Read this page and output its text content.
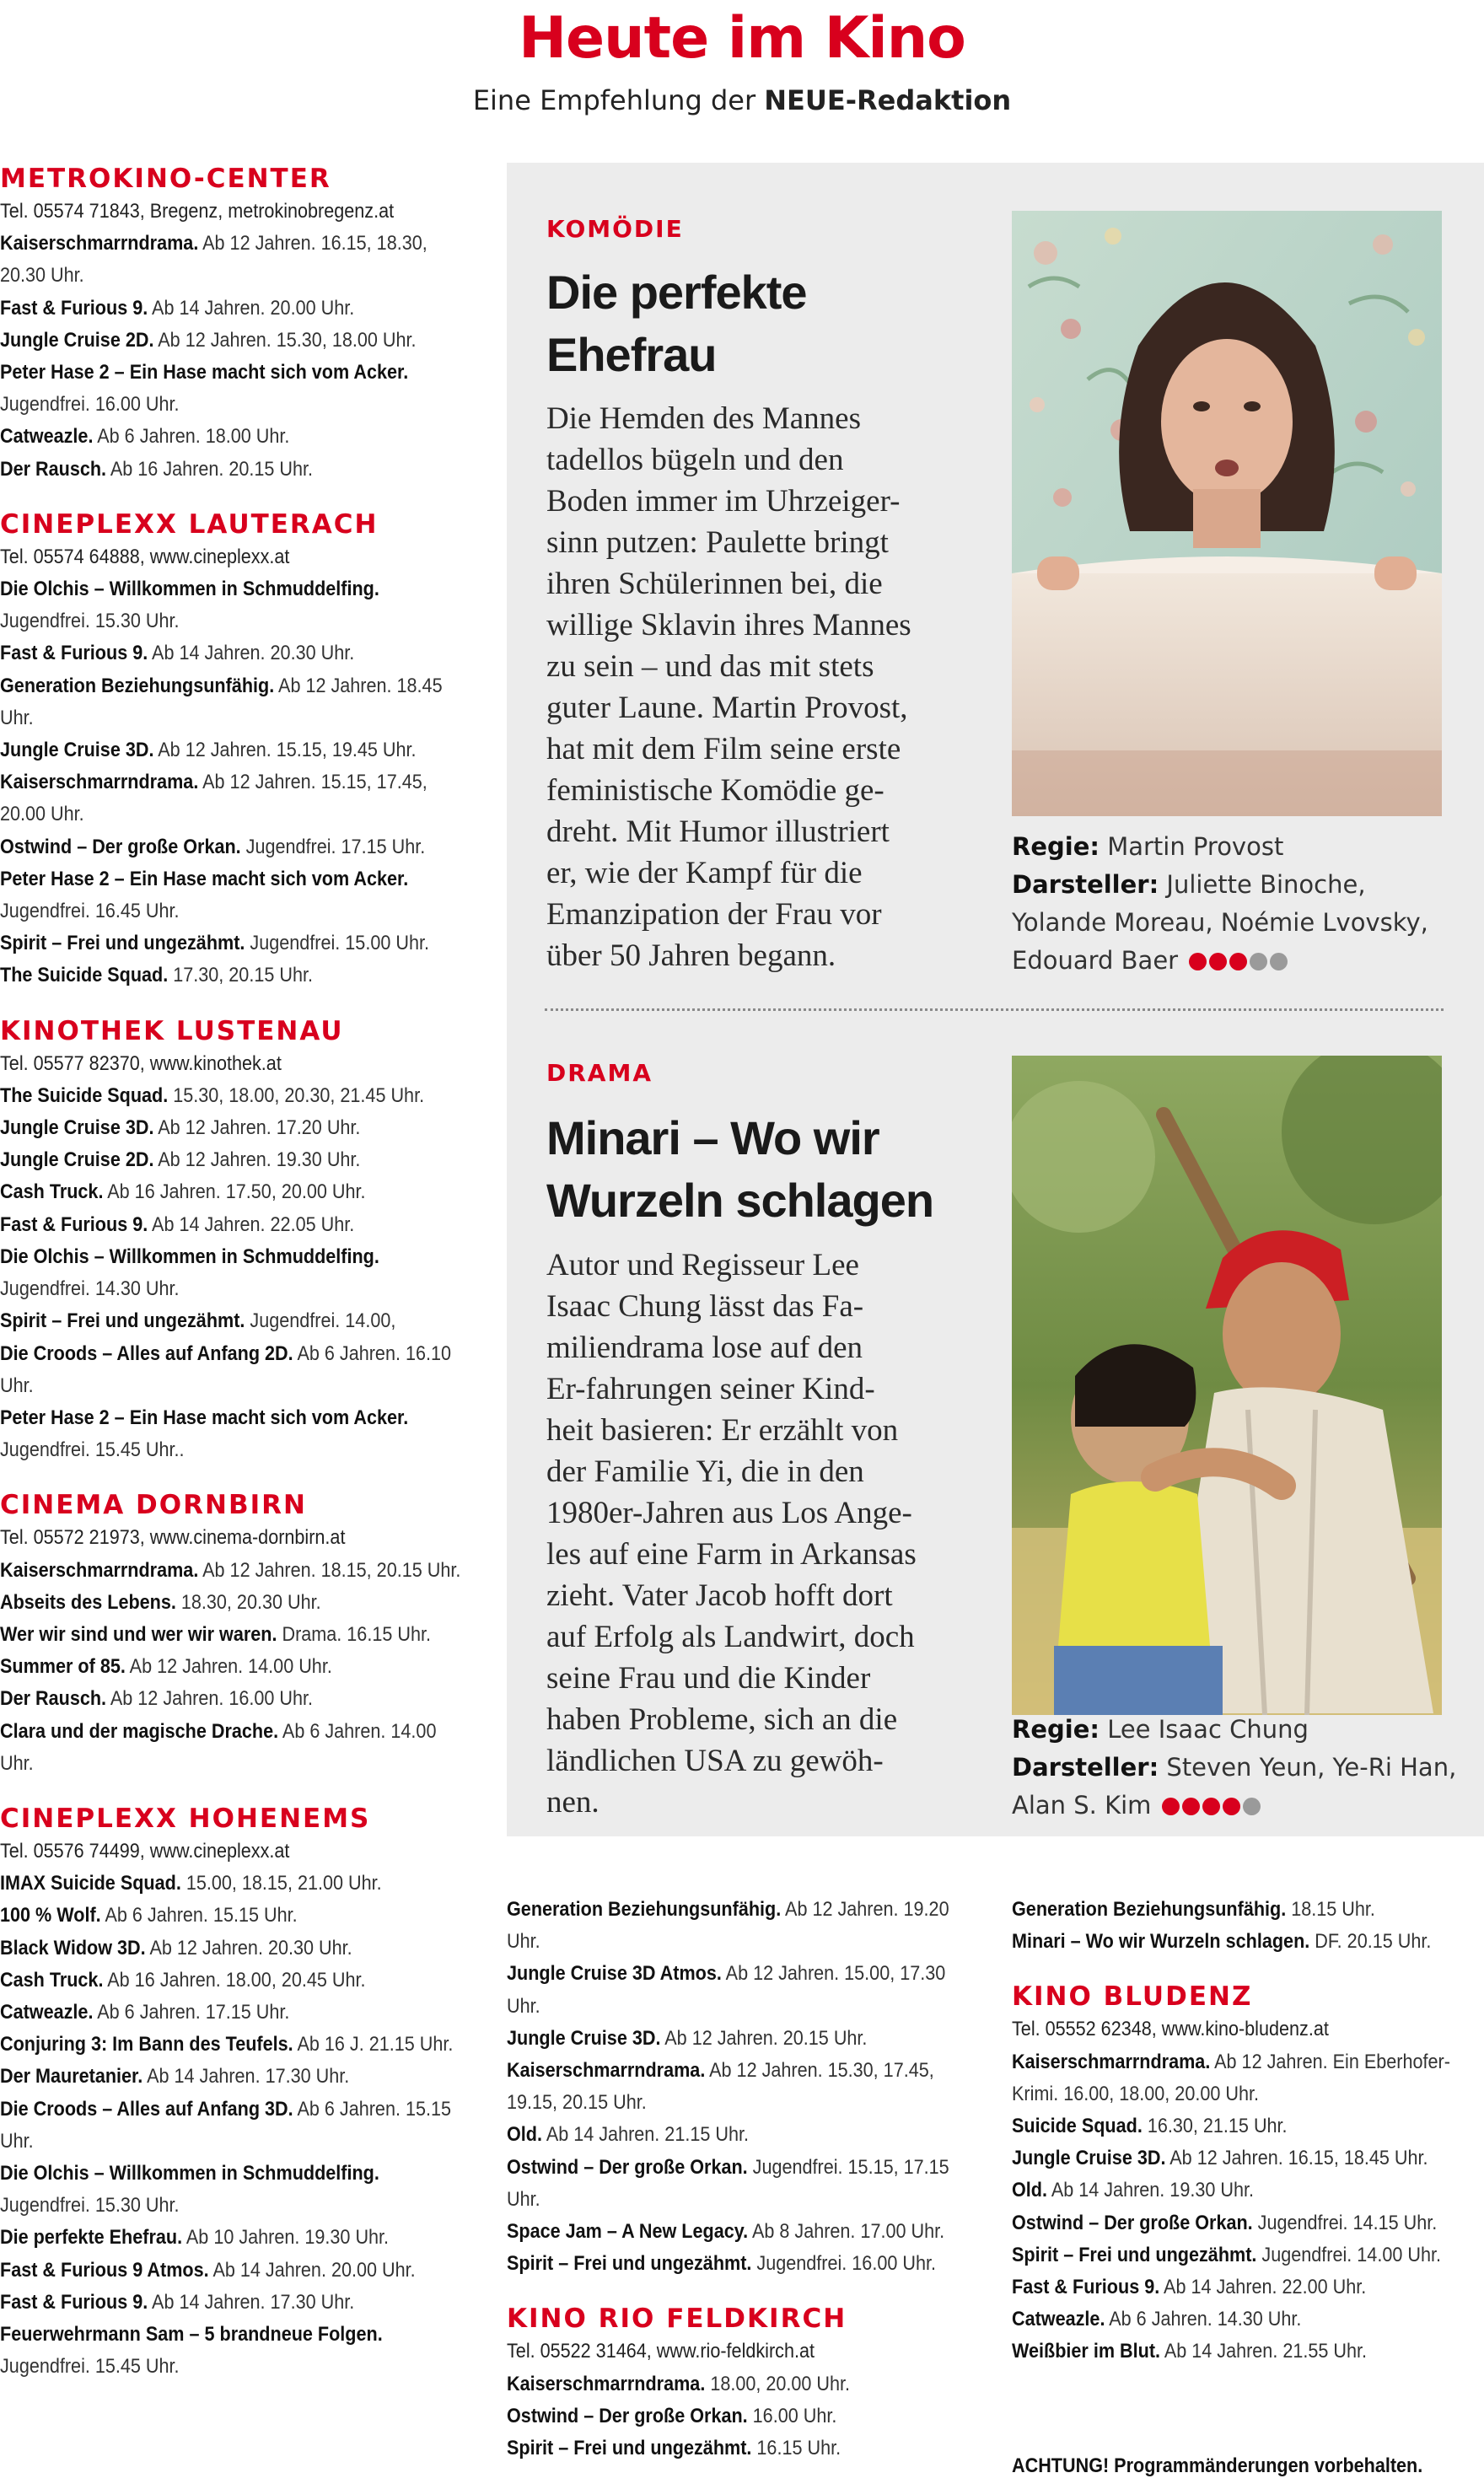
Heute im Kino
Eine Empfehlung der NEUE-Redaktion
METROKINO-CENTER
Tel. 05574 71843, Bregenz, metrokinobregenz.at
Kaiserschmarrndrama. Ab 12 Jahren. 16.15, 18.30, 20.30 Uhr.
Fast & Furious 9. Ab 14 Jahren. 20.00 Uhr.
Jungle Cruise 2D. Ab 12 Jahren. 15.30, 18.00 Uhr.
Peter Hase 2 – Ein Hase macht sich vom Acker. Jugendfrei. 16.00 Uhr.
Catweazle. Ab 6 Jahren. 18.00 Uhr.
Der Rausch. Ab 16 Jahren. 20.15 Uhr.

CINEPLEXX LAUTERACH
Tel. 05574 64888, www.cineplexx.at
Die Olchis – Willkommen in Schmuddelfing. Jugendfrei. 15.30 Uhr.
Fast & Furious 9. Ab 14 Jahren. 20.30 Uhr.
Generation Beziehungsunfähig. Ab 12 Jahren. 18.45 Uhr.
Jungle Cruise 3D. Ab 12 Jahren. 15.15, 19.45 Uhr.
Kaiserschmarrndrama. Ab 12 Jahren. 15.15, 17.45, 20.00 Uhr.
Ostwind – Der große Orkan. Jugendfrei. 17.15 Uhr.
Peter Hase 2 – Ein Hase macht sich vom Acker. Jugendfrei. 16.45 Uhr.
Spirit – Frei und ungezähmt. Jugendfrei. 15.00 Uhr.
The Suicide Squad. 17.30, 20.15 Uhr.

KINOTHEK LUSTENAU
Tel. 05577 82370, www.kinothek.at
The Suicide Squad. 15.30, 18.00, 20.30, 21.45 Uhr.
Jungle Cruise 3D. Ab 12 Jahren. 17.20 Uhr.
Jungle Cruise 2D. Ab 12 Jahren. 19.30 Uhr.
Cash Truck. Ab 16 Jahren. 17.50, 20.00 Uhr.
Fast & Furious 9. Ab 14 Jahren. 22.05 Uhr.
Die Olchis – Willkommen in Schmuddelfing. Jugendfrei. 14.30 Uhr.
Spirit – Frei und ungezähmt. Jugendfrei. 14.00,
Die Croods – Alles auf Anfang 2D. Ab 6 Jahren. 16.10 Uhr.
Peter Hase 2 – Ein Hase macht sich vom Acker. Jugendfrei. 15.45 Uhr..

CINEMA DORNBIRN
Tel. 05572 21973, www.cinema-dornbirn.at
Kaiserschmarrndrama. Ab 12 Jahren. 18.15, 20.15 Uhr.
Abseits des Lebens. 18.30, 20.30 Uhr.
Wer wir sind und wer wir waren. Drama. 16.15 Uhr.
Summer of 85. Ab 12 Jahren. 14.00 Uhr.
Der Rausch. Ab 12 Jahren. 16.00 Uhr.
Clara und der magische Drache. Ab 6 Jahren. 14.00 Uhr.

CINEPLEXX HOHENEMS
Tel. 05576 74499, www.cineplexx.at
IMAX Suicide Squad. 15.00, 18.15, 21.00 Uhr.
100 % Wolf. Ab 6 Jahren. 15.15 Uhr.
Black Widow 3D. Ab 12 Jahren. 20.30 Uhr.
Cash Truck. Ab 16 Jahren. 18.00, 20.45 Uhr.
Catweazle. Ab 6 Jahren. 17.15 Uhr.
Conjuring 3: Im Bann des Teufels. Ab 16 J. 21.15 Uhr.
Der Mauretanier. Ab 14 Jahren. 17.30 Uhr.
Die Croods – Alles auf Anfang 3D. Ab 6 Jahren. 15.15 Uhr.
Die Olchis – Willkommen in Schmuddelfing. Jugendfrei. 15.30 Uhr.
Die perfekte Ehefrau. Ab 10 Jahren. 19.30 Uhr.
Fast & Furious 9 Atmos. Ab 14 Jahren. 20.00 Uhr.
Fast & Furious 9. Ab 14 Jahren. 17.30 Uhr.
Feuerwehrmann Sam – 5 brandneue Folgen. Jugendfrei. 15.45 Uhr.

Generation Beziehungsunfähig. Ab 12 Jahren. 19.20 Uhr.
Jungle Cruise 3D Atmos. Ab 12 Jahren. 15.00, 17.30 Uhr.
Jungle Cruise 3D. Ab 12 Jahren. 20.15 Uhr.
Kaiserschmarrndrama. Ab 12 Jahren. 15.30, 17.45, 19.15, 20.15 Uhr.
Old. Ab 14 Jahren. 21.15 Uhr.
Ostwind – Der große Orkan. Jugendfrei. 15.15, 17.15 Uhr.
Space Jam – A New Legacy. Ab 8 Jahren. 17.00 Uhr.
Spirit – Frei und ungezähmt. Jugendfrei. 16.00 Uhr.

KINO RIO FELDKIRCH
Tel. 05522 31464, www.rio-feldkirch.at
Kaiserschmarrndrama. 18.00, 20.00 Uhr.
Ostwind – Der große Orkan. 16.00 Uhr.
Spirit – Frei und ungezähmt. 16.15 Uhr.

Generation Beziehungsunfähig. 18.15 Uhr.
Minari – Wo wir Wurzeln schlagen. DF. 20.15 Uhr.

KINO BLUDENZ
Tel. 05552 62348, www.kino-bludenz.at
Kaiserschmarrndrama. Ab 12 Jahren. Ein Eberhofer-Krimi. 16.00, 18.00, 20.00 Uhr.
Suicide Squad. 16.30, 21.15 Uhr.
Jungle Cruise 3D. Ab 12 Jahren. 16.15, 18.45 Uhr.
Old. Ab 14 Jahren. 19.30 Uhr.
Ostwind – Der große Orkan. Jugendfrei. 14.15 Uhr.
Spirit – Frei und ungezähmt. Jugendfrei. 14.00 Uhr.
Fast & Furious 9. Ab 14 Jahren. 22.00 Uhr.
Catweazle. Ab 6 Jahren. 14.30 Uhr.
Weißbier im Blut. Ab 14 Jahren. 21.55 Uhr.

ACHTUNG! Programmänderungen vorbehalten.
KOMÖDIE
Die perfekte
Ehefrau
Die Hemden des Mannes
tadellos bügeln und den
Boden immer im Uhrzeiger-
sinn putzen: Paulette bringt
ihren Schülerinnen bei, die
willige Sklavin ihres Mannes
zu sein – und das mit stets
guter Laune. Martin Provost,
hat mit dem Film seine erste
feministische Komödie ge-
dreht. Mit Humor illustriert
er, wie der Kampf für die
Emanzipation der Frau vor
über 50 Jahren begann.
Regie: Martin Provost
Darsteller: Juliette Binoche,
Yolande Moreau, Noémie Lvovsky,
Edouard Baer
DRAMA
Minari – Wo wir
Wurzeln schlagen
Autor und Regisseur Lee
Isaac Chung lässt das Fa-
miliendrama lose auf den
Er-fahrungen seiner Kind-
heit basieren: Er erzählt von
der Familie Yi, die in den
1980er-Jahren aus Los Ange-
les auf eine Farm in Arkansas
zieht. Vater Jacob hofft dort
auf Erfolg als Landwirt, doch
seine Frau und die Kinder
haben Probleme, sich an die
ländlichen USA zu gewöh-
nen.
Regie: Lee Isaac Chung
Darsteller: Steven Yeun, Ye-Ri Han,
Alan S. Kim
